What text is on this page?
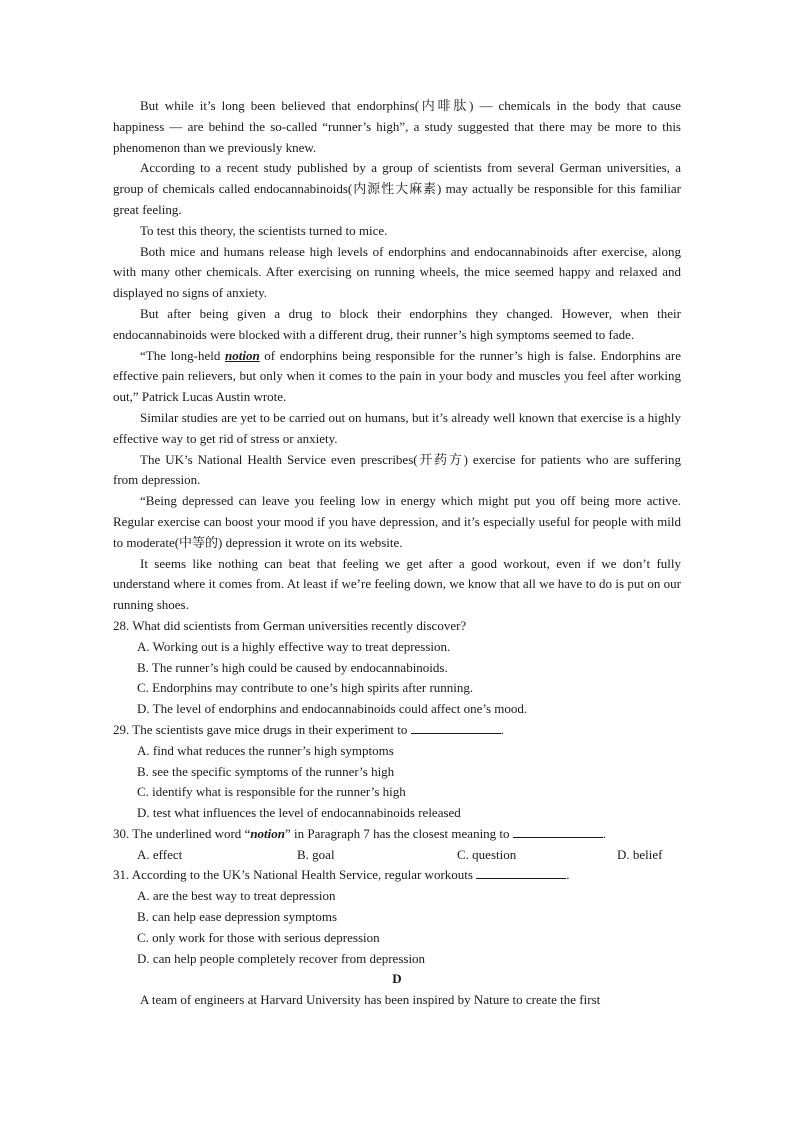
But while it’s long been believed that endorphins(内啡肽) — chemicals in the body that cause happiness — are behind the so-called “runner’s high”, a study suggested that there may be more to this phenomenon than we previously knew.

According to a recent study published by a group of scientists from several German universities, a group of chemicals called endocannabinoids(内源性大麻素) may actually be responsible for this familiar great feeling.

To test this theory, the scientists turned to mice.

Both mice and humans release high levels of endorphins and endocannabinoids after exercise, along with many other chemicals. After exercising on running wheels, the mice seemed happy and relaxed and displayed no signs of anxiety.

But after being given a drug to block their endorphins they changed. However, when their endocannabinoids were blocked with a different drug, their runner’s high symptoms seemed to fade.

“The long-held notion of endorphins being responsible for the runner’s high is false. Endorphins are effective pain relievers, but only when it comes to the pain in your body and muscles you feel after working out,” Patrick Lucas Austin wrote.

Similar studies are yet to be carried out on humans, but it’s already well known that exercise is a highly effective way to get rid of stress or anxiety.

The UK’s National Health Service even prescribes(开药方) exercise for patients who are suffering from depression.

“Being depressed can leave you feeling low in energy which might put you off being more active. Regular exercise can boost your mood if you have depression, and it’s especially useful for people with mild to moderate(中等的) depression it wrote on its website.

It seems like nothing can beat that feeling we get after a good workout, even if we don’t fully understand where it comes from. At least if we’re feeling down, we know that all we have to do is put on our running shoes.

28. What did scientists from German universities recently discover?

A. Working out is a highly effective way to treat depression.

B. The runner’s high could be caused by endocannabinoids.

C. Endorphins may contribute to one’s high spirits after running.

D. The level of endorphins and endocannabinoids could affect one’s mood.

29. The scientists gave mice drugs in their experiment to	.

A. find what reduces the runner’s high symptoms

B. see the specific symptoms of the runner’s high

C. identify what is responsible for the runner’s high

D. test what influences the level of endocannabinoids released

30. The underlined word “notion” in Paragraph 7 has the closest meaning to	.

A. effect	B. goal	C. question	D. belief

31. According to the UK’s National Health Service, regular workouts	.

A. are the best way to treat depression

B. can help ease depression symptoms

C. only work for those with serious depression

D. can help people completely recover from depression

D

A team of engineers at Harvard University has been inspired by Nature to create the first
